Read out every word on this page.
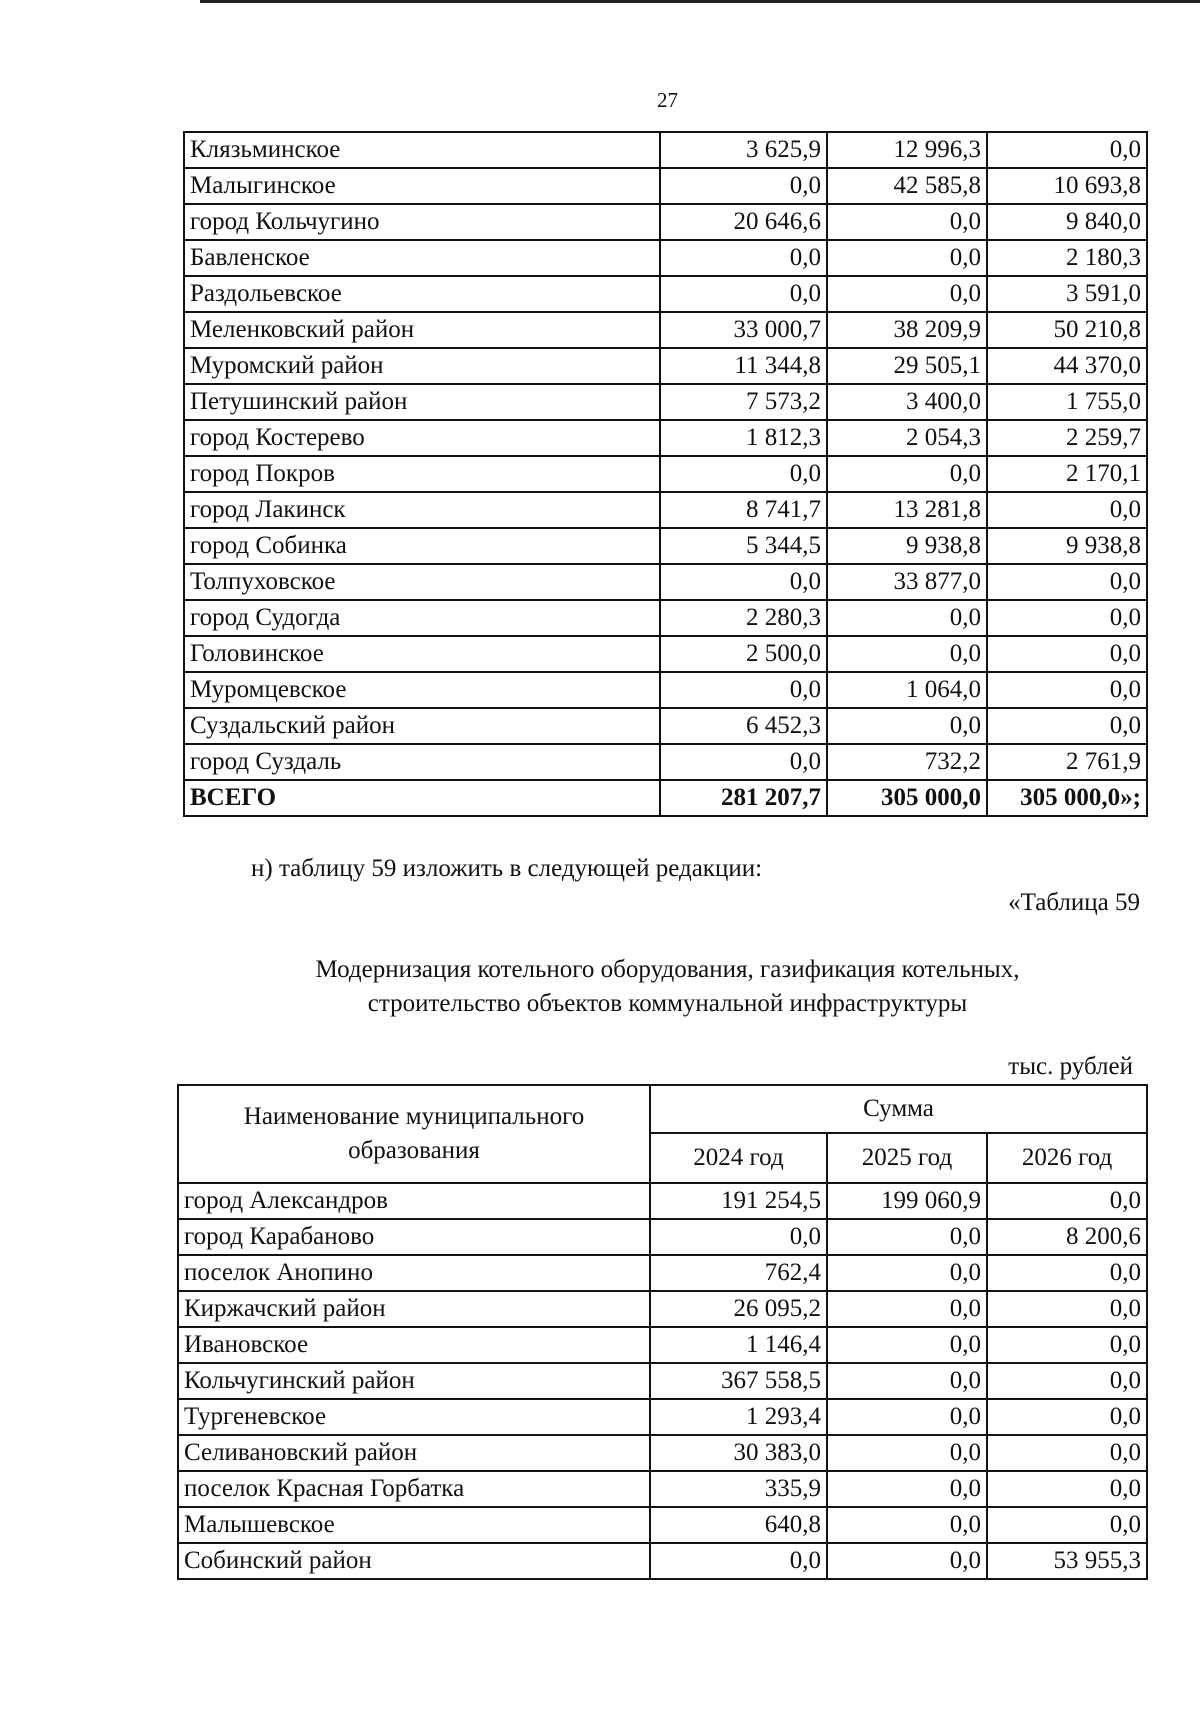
27
Клязьминское	3 625,9	12 996,3	0,0
Малыгинское	0,0	42 585,8	10 693,8
город Кольчугино	20 646,6	0,0	9 840,0
Бавленское	0,0	0,0	2 180,3
Раздольевское	0,0	0,0	3 591,0
Меленковский район	33 000,7	38 209,9	50 210,8
Муромский район	11 344,8	29 505,1	44 370,0
Петушинский район	7 573,2	3 400,0	1 755,0
город Костерево	1 812,3	2 054,3	2 259,7
город Покров	0,0	0,0	2 170,1
город Лакинск	8 741,7	13 281,8	0,0
город Собинка	5 344,5	9 938,8	9 938,8
Толпуховское	0,0	33 877,0	0,0
город Судогда	2 280,3	0,0	0,0
Головинское	2 500,0	0,0	0,0
Муромцевское	0,0	1 064,0	0,0
Суздальский район	6 452,3	0,0	0,0
город Суздаль	0,0	732,2	2 761,9
ВСЕГО	281 207,7	305 000,0	305 000,0»;
н) таблицу 59 изложить в следующей редакции:
«Таблица 59
Модернизация котельного оборудования, газификация котельных,
строительство объектов коммунальной инфраструктуры
тыс. рублей
Наименование муниципального образования	Сумма		
	2024 год	2025 год	2026 год
город Александров	191 254,5	199 060,9	0,0
город Карабаново	0,0	0,0	8 200,6
поселок Анопино	762,4	0,0	0,0
Киржачский район	26 095,2	0,0	0,0
Ивановское	1 146,4	0,0	0,0
Кольчугинский район	367 558,5	0,0	0,0
Тургеневское	1 293,4	0,0	0,0
Селивановский район	30 383,0	0,0	0,0
поселок Красная Горбатка	335,9	0,0	0,0
Малышевское	640,8	0,0	0,0
Собинский район	0,0	0,0	53 955,3
